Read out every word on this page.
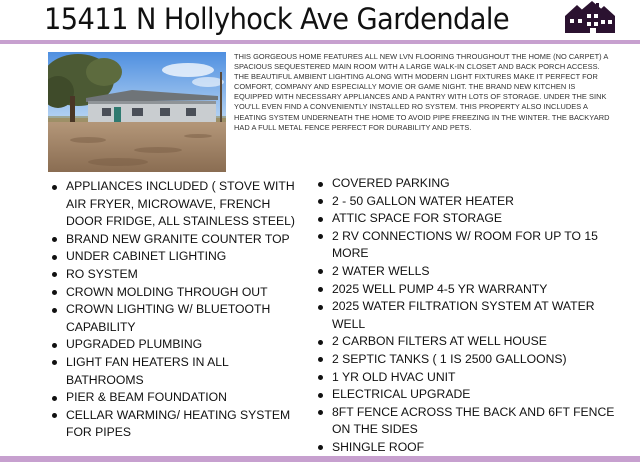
15411 N Hollyhock Ave Gardendale
THIS GORGEOUS HOME FEATURES ALL NEW LVN FLOORING THROUGHOUT THE HOME (NO CARPET) A SPACIOUS SEQUESTERED MAIN ROOM WITH A LARGE WALK-IN CLOSET AND BACK PORCH ACCESS. THE BEAUTIFUL AMBIENT LIGHTING ALONG WITH MODERN LIGHT FIXTURES MAKE IT PERFECT FOR COMFORT, COMPANY AND ESPECIALLY MOVIE OR GAME NIGHT. THE BRAND NEW KITCHEN IS EQUIPPED WITH NECESSARY APPLIANCES AND A PANTRY WITH LOTS OF STORAGE. UNDER THE SINK YOU'LL EVEN FIND A CONVENIENTLY INSTALLED RO SYSTEM. THIS PROPERTY ALSO INCLUDES A HEATING SYSTEM UNDERNEATH THE HOME TO AVOID PIPE FREEZING IN THE WINTER. THE BACKYARD HAD A FULL METAL FENCE PERFECT FOR DURABILITY AND PETS.
APPLIANCES INCLUDED ( STOVE WITH AIR FRYER, MICROWAVE, FRENCH DOOR FRIDGE, ALL STAINLESS STEEL)
BRAND NEW GRANITE COUNTER TOP
UNDER CABINET LIGHTING
RO SYSTEM
CROWN MOLDING THROUGH OUT
CROWN LIGHTING W/ BLUETOOTH CAPABILITY
UPGRADED PLUMBING
LIGHT FAN HEATERS IN ALL BATHROOMS
PIER & BEAM FOUNDATION
CELLAR WARMING/ HEATING SYSTEM FOR PIPES
COVERED PARKING
2 - 50 GALLON WATER HEATER
ATTIC SPACE FOR STORAGE
2 RV CONNECTIONS W/ ROOM FOR UP TO 15 MORE
2 WATER WELLS
2025 WELL PUMP 4-5 YR WARRANTY
2025 WATER FILTRATION SYSTEM AT WATER WELL
2 CARBON FILTERS AT WELL HOUSE
2 SEPTIC TANKS ( 1 IS 2500 GALLOONS)
1 YR OLD HVAC UNIT
ELECTRICAL UPGRADE
8FT FENCE ACROSS THE BACK AND 6FT FENCE ON THE SIDES
SHINGLE ROOF
